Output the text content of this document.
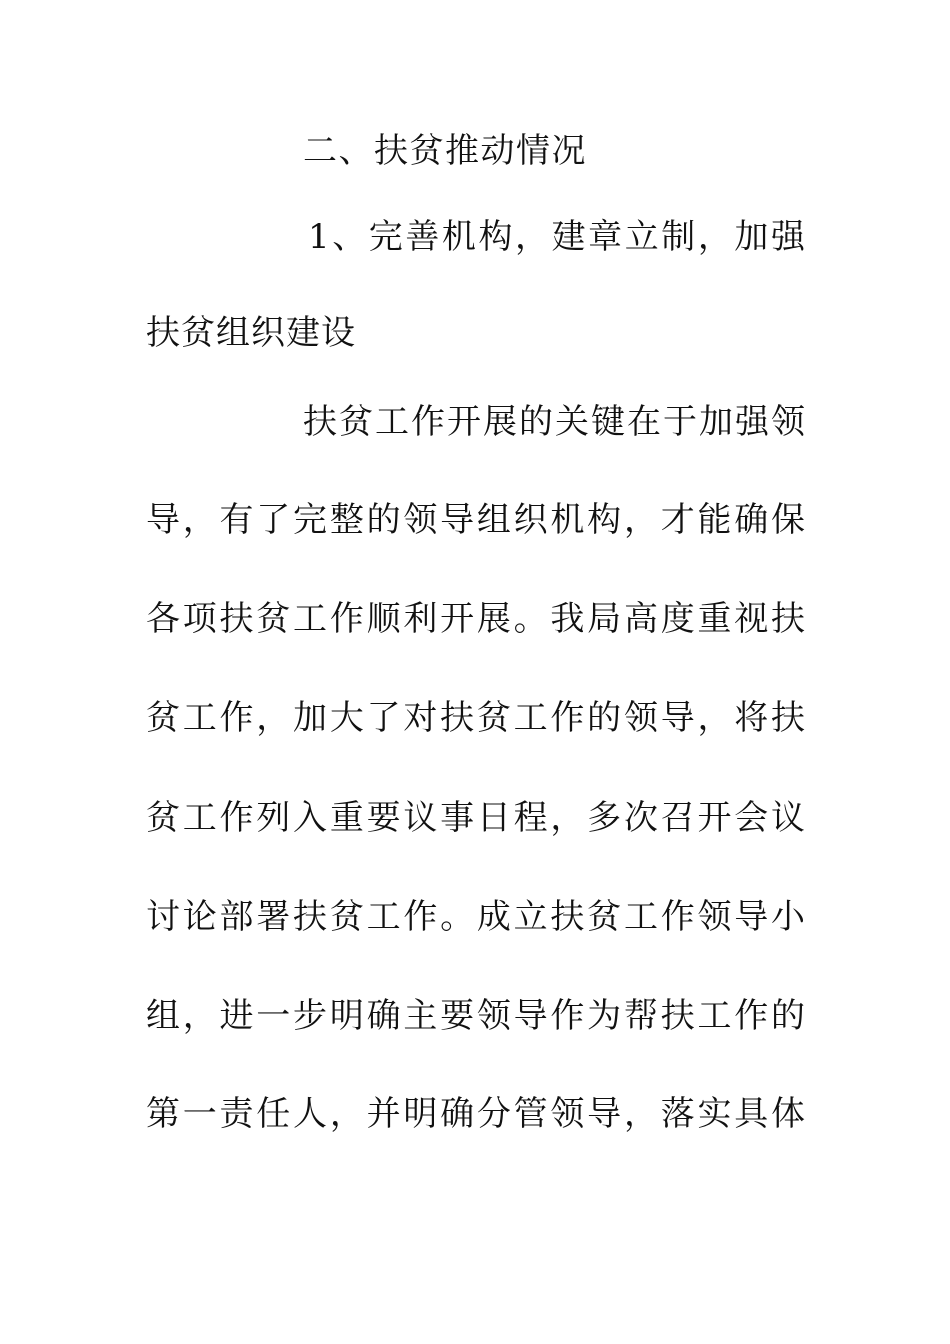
二、扶贫推动情况
1、完善机构，建章立制，加强
扶贫组织建设
扶贫工作开展的关键在于加强领
导，有了完整的领导组织机构，才能确保
各项扶贫工作顺利开展。我局高度重视扶
贫工作，加大了对扶贫工作的领导，将扶
贫工作列入重要议事日程，多次召开会议
讨论部署扶贫工作。成立扶贫工作领导小
组，进一步明确主要领导作为帮扶工作的
第一责任人，并明确分管领导，落实具体
